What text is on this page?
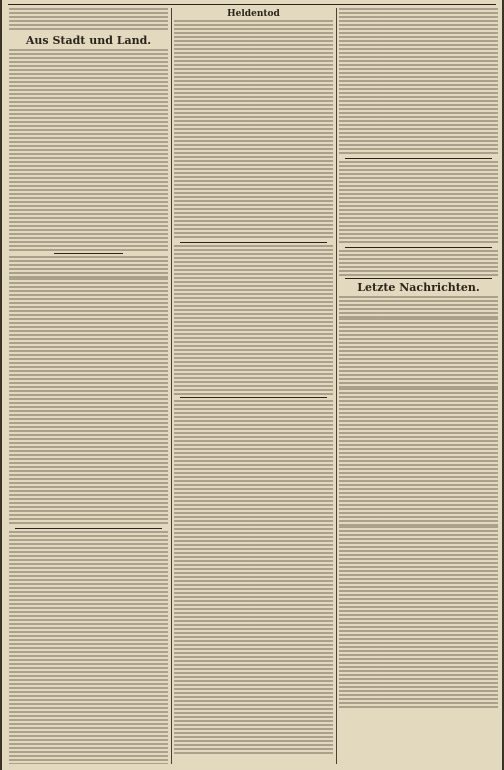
Aus Stadt und Land.
Heldentod
Letzte Nachrichten.
